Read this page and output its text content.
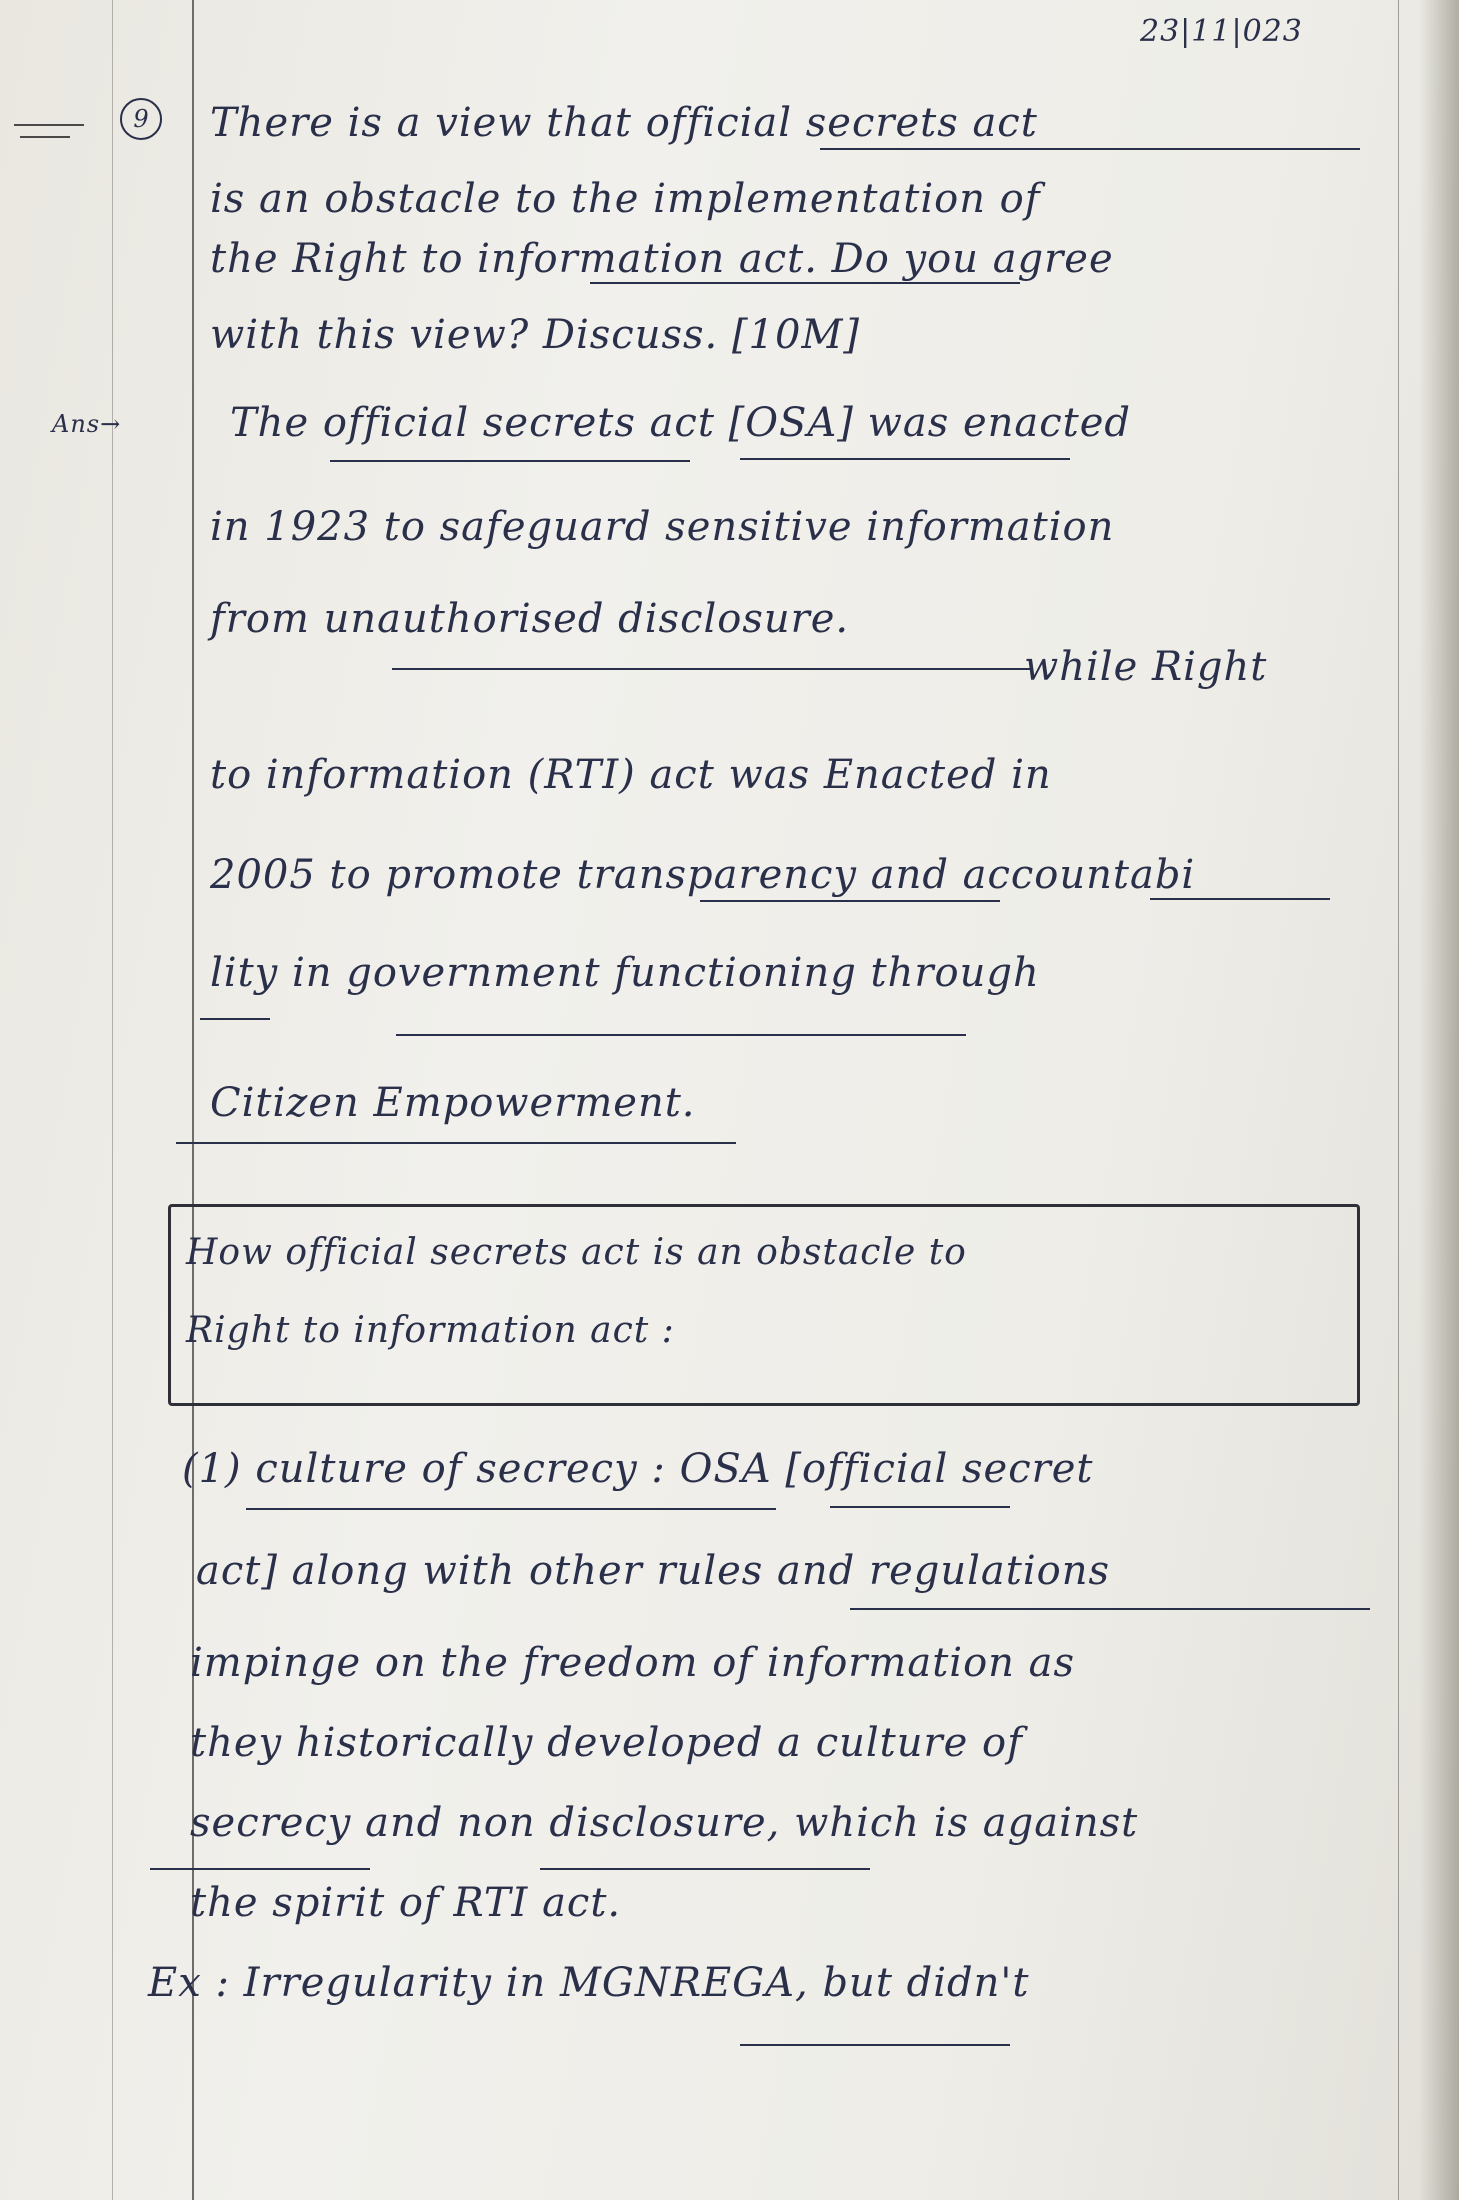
23|11|023
9	There is a view that official secrets act
is an obstacle to the implementation of
the Right to information act. Do you agree
with this view? Discuss. [10M]
Ans→	The official secrets act [OSA] was enacted
in 1923 to safeguard sensitive information
from unauthorised disclosure.
while Right
to information (RTI) act was Enacted in
2005 to promote transparency and accountabi
lity in government functioning through
Citizen Empowerment.
How official secrets act is an obstacle to
Right to information act :
(1) culture of secrecy : OSA [official secret
act] along with other rules and regulations
impinge on the freedom of information as
they historically developed a culture of
secrecy and non disclosure, which is against
the spirit of RTI act.
Ex : Irregularity in MGNREGA, but didn't
